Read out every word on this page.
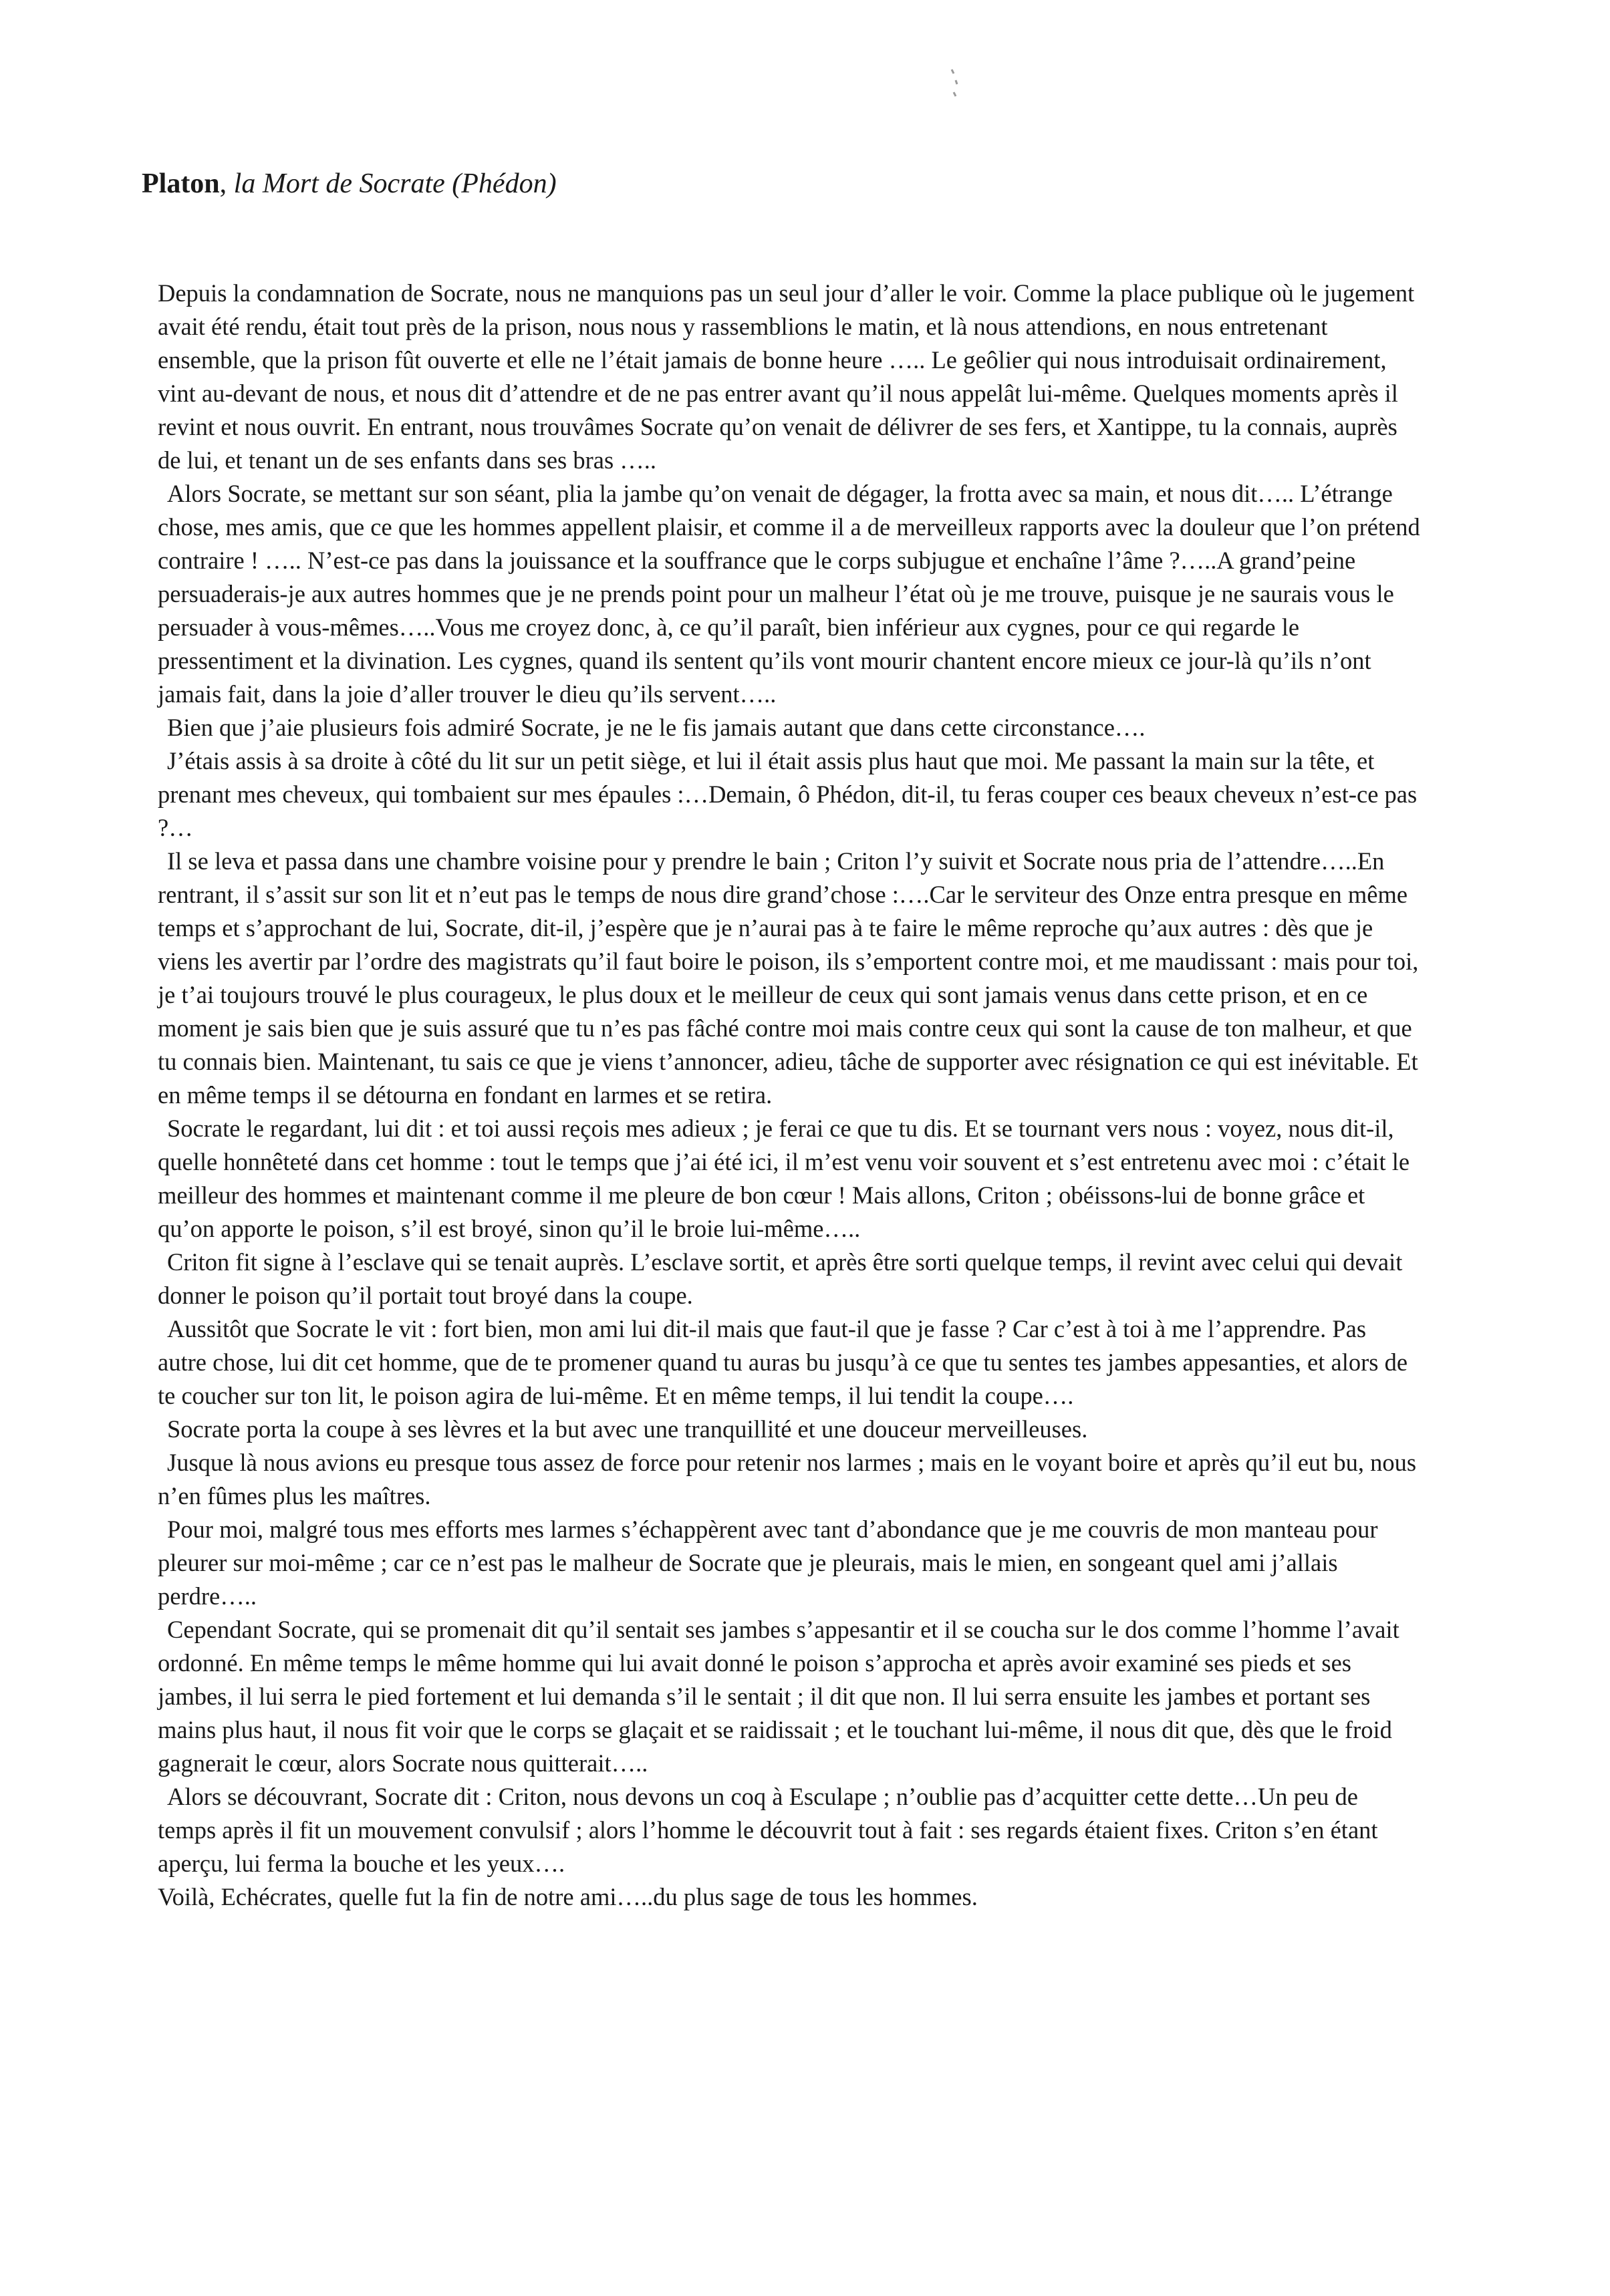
Platon, la Mort de Socrate (Phédon)

Depuis la condamnation de Socrate, nous ne manquions pas un seul jour d’aller le voir. Comme la place publique où le jugement avait été rendu, était tout près de la prison, nous nous y rassemblions le matin, et là nous attendions, en nous entretenant ensemble, que la prison fût ouverte et elle ne l’était jamais de bonne heure ….. Le geôlier qui nous introduisait ordinairement, vint au-devant de nous, et nous dit d’attendre et de ne pas entrer avant qu’il nous appelât lui-même. Quelques moments après il revint et nous ouvrit. En entrant, nous trouvâmes Socrate qu’on venait de délivrer de ses fers, et Xantippe, tu la connais, auprès de lui, et tenant un de ses enfants dans ses bras …..

Alors Socrate, se mettant sur son séant, plia la jambe qu’on venait de dégager, la frotta avec sa main, et nous dit….. L’étrange chose, mes amis, que ce que les hommes appellent plaisir, et comme il a de merveilleux rapports avec la douleur que l’on prétend contraire ! ….. N’est-ce pas dans la jouissance et la souffrance que le corps subjugue et enchaîne l’âme ?…..A grand’peine persuaderais-je aux autres hommes que je ne prends point pour un malheur l’état où je me trouve, puisque je ne saurais vous le persuader à vous-mêmes…..Vous me croyez donc, à, ce qu’il paraît, bien inférieur aux cygnes, pour ce qui regarde le pressentiment et la divination. Les cygnes, quand ils sentent qu’ils vont mourir chantent encore mieux ce jour-là qu’ils n’ont jamais fait, dans la joie d’aller trouver le dieu qu’ils servent…..

Bien que j’aie plusieurs fois admiré Socrate, je ne le fis jamais autant que dans cette circonstance….

J’étais assis à sa droite à côté du lit sur un petit siège, et lui il était assis plus haut que moi. Me passant la main sur la tête, et prenant mes cheveux, qui tombaient sur mes épaules :…Demain, ô Phédon, dit-il, tu feras couper ces beaux cheveux n’est-ce pas ?…

Il se leva et passa dans une chambre voisine pour y prendre le bain ; Criton l’y suivit et Socrate nous pria de l’attendre…..En rentrant, il s’assit sur son lit et n’eut pas le temps de nous dire grand’chose :….Car le serviteur des Onze entra presque en même temps et s’approchant de lui, Socrate, dit-il, j’espère que je n’aurai pas à te faire le même reproche qu’aux autres : dès que je viens les avertir par l’ordre des magistrats qu’il faut boire le poison, ils s’emportent contre moi, et me maudissant : mais pour toi, je t’ai toujours trouvé le plus courageux, le plus doux et le meilleur de ceux qui sont jamais venus dans cette prison, et en ce moment je sais bien que je suis assuré que tu n’es pas fâché contre moi mais contre ceux qui sont la cause de ton malheur, et que tu connais bien. Maintenant, tu sais ce que je viens t’annoncer, adieu, tâche de supporter avec résignation ce qui est inévitable. Et en même temps il se détourna en fondant en larmes et se retira.

Socrate le regardant, lui dit : et toi aussi reçois mes adieux ; je ferai ce que tu dis. Et se tournant vers nous : voyez, nous dit-il, quelle honnêteté dans cet homme : tout le temps que j’ai été ici, il m’est venu voir souvent et s’est entretenu avec moi : c’était le meilleur des hommes et maintenant comme il me pleure de bon cœur ! Mais allons, Criton ; obéissons-lui de bonne grâce et qu’on apporte le poison, s’il est broyé, sinon qu’il le broie lui-même…..

Criton fit signe à l’esclave qui se tenait auprès. L’esclave sortit, et après être sorti quelque temps, il revint avec celui qui devait donner le poison qu’il portait tout broyé dans la coupe.

Aussitôt que Socrate le vit : fort bien, mon ami lui dit-il mais que faut-il que je fasse ? Car c’est à toi à me l’apprendre. Pas autre chose, lui dit cet homme, que de te promener quand tu auras bu jusqu’à ce que tu sentes tes jambes appesanties, et alors de te coucher sur ton lit, le poison agira de lui-même. Et en même temps, il lui tendit la coupe….

Socrate porta la coupe à ses lèvres et la but avec une tranquillité et une douceur merveilleuses.

Jusque là nous avions eu presque tous assez de force pour retenir nos larmes ; mais en le voyant boire et après qu’il eut bu, nous n’en fûmes plus les maîtres.

Pour moi, malgré tous mes efforts mes larmes s’échappèrent avec tant d’abondance que je me couvris de mon manteau pour pleurer sur moi-même ; car ce n’est pas le malheur de Socrate que je pleurais, mais le mien, en songeant quel ami j’allais perdre…..

Cependant Socrate, qui se promenait dit qu’il sentait ses jambes s’appesantir et il se coucha sur le dos comme l’homme l’avait ordonné. En même temps le même homme qui lui avait donné le poison s’approcha et après avoir examiné ses pieds et ses jambes, il lui serra le pied fortement et lui demanda s’il le sentait ; il dit que non. Il lui serra ensuite les jambes et portant ses mains plus haut, il nous fit voir que le corps se glaçait et se raidissait ; et le touchant lui-même, il nous dit que, dès que le froid gagnerait le cœur, alors Socrate nous quitterait…..

Alors se découvrant, Socrate dit : Criton, nous devons un coq à Esculape ; n’oublie pas d’acquitter cette dette…Un peu de temps après il fit un mouvement convulsif ; alors l’homme le découvrit tout à fait : ses regards étaient fixes. Criton s’en étant aperçu, lui ferma la bouche et les yeux….

Voilà, Echécrates, quelle fut la fin de notre ami…..du plus sage de tous les hommes.
